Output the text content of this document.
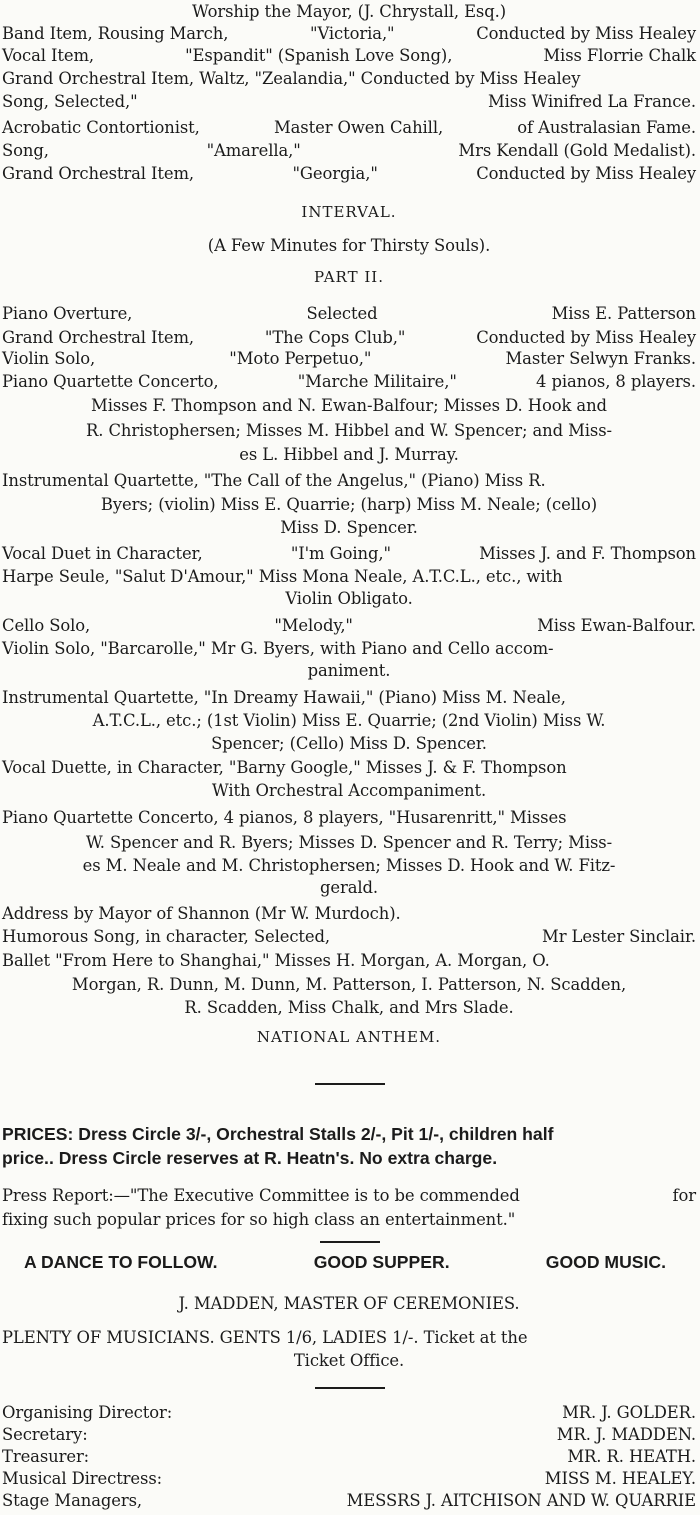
Worship the Mayor, (J. Chrystall, Esq.)
Band Item, Rousing March,	"Victoria,"	Conducted by Miss Healey
Vocal Item,	"Espandit" (Spanish Love Song),	Miss Florrie Chalk
Grand Orchestral Item, Waltz, "Zealandia," Conducted by Miss Healey
Song, Selected,"	Miss Winifred La France.
Acrobatic Contortionist,	Master Owen Cahill,	of Australasian Fame.
Song,	"Amarella,"	Mrs Kendall (Gold Medalist).
Grand Orchestral Item,	"Georgia,"	Conducted by Miss Healey
INTERVAL.
(A Few Minutes for Thirsty Souls).
PART II.
Piano Overture,	Selected	Miss E. Patterson
Grand Orchestral Item,	"The Cops Club,"	Conducted by Miss Healey
Violin Solo,	"Moto Perpetuo,"	Master Selwyn Franks.
Piano Quartette Concerto,	"Marche Militaire,"	4 pianos, 8 players.
Misses F. Thompson and N. Ewan-Balfour; Misses D. Hook and
R. Christophersen; Misses M. Hibbel and W. Spencer; and Miss-
es L. Hibbel and J. Murray.
Instrumental Quartette, "The Call of the Angelus," (Piano) Miss R.
Byers; (violin) Miss E. Quarrie; (harp) Miss M. Neale; (cello)
Miss D. Spencer.
Vocal Duet in Character,	"I'm Going,"	Misses J. and F. Thompson
Harpe Seule, "Salut D'Amour," Miss Mona Neale, A.T.C.L., etc., with
Violin Obligato.
Cello Solo,	"Melody,"	Miss Ewan-Balfour.
Violin Solo, "Barcarolle," Mr G. Byers, with Piano and Cello accom-
paniment.
Instrumental Quartette, "In Dreamy Hawaii," (Piano) Miss M. Neale,
A.T.C.L., etc.; (1st Violin) Miss E. Quarrie; (2nd Violin) Miss W.
Spencer; (Cello) Miss D. Spencer.
Vocal Duette, in Character, "Barny Google," Misses J. & F. Thompson
With Orchestral Accompaniment.
Piano Quartette Concerto, 4 pianos, 8 players, "Husarenritt," Misses
W. Spencer and R. Byers; Misses D. Spencer and R. Terry; Miss-
es M. Neale and M. Christophersen; Misses D. Hook and W. Fitz-
gerald.
Address by Mayor of Shannon (Mr W. Murdoch).
Humorous Song, in character, Selected,	Mr Lester Sinclair.
Ballet "From Here to Shanghai," Misses H. Morgan, A. Morgan, O.
Morgan, R. Dunn, M. Dunn, M. Patterson, I. Patterson, N. Scadden,
R. Scadden, Miss Chalk, and Mrs Slade.
NATIONAL ANTHEM.
PRICES: Dress Circle 3/-, Orchestral Stalls 2/-, Pit 1/-, children half
price.. Dress Circle reserves at R. Heatn's. No extra charge.
Press Report:—"The Executive Committee is to be commended	for
fixing such popular prices for so high class an entertainment."
A DANCE TO FOLLOW.	GOOD SUPPER.	GOOD MUSIC.
J. MADDEN, MASTER OF CEREMONIES.
PLENTY OF MUSICIANS. GENTS 1/6, LADIES 1/-. Ticket at the
Ticket Office.
Organising Director:	MR. J. GOLDER.
Secretary:	MR. J. MADDEN.
Treasurer:	MR. R. HEATH.
Musical Directress:	MISS M. HEALEY.
Stage Managers,	MESSRS J. AITCHISON AND W. QUARRIE
